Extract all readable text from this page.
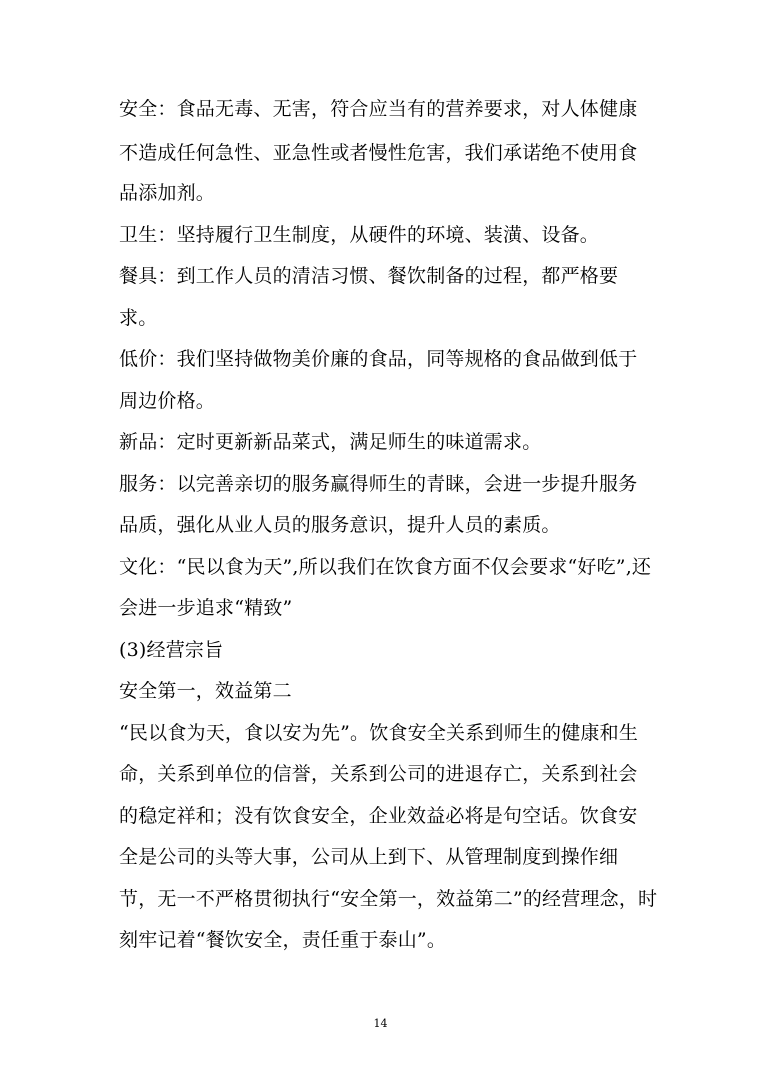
安全：食品无毒、无害，符合应当有的营养要求，对人体健康
不造成任何急性、亚急性或者慢性危害，我们承诺绝不使用食
品添加剂。
卫生：坚持履行卫生制度，从硬件的环境、装潢、设备。
餐具：到工作人员的清洁习惯、餐饮制备的过程，都严格要
求。
低价：我们坚持做物美价廉的食品，同等规格的食品做到低于
周边价格。
新品：定时更新新品菜式，满足师生的味道需求。
服务：以完善亲切的服务赢得师生的青睐，会进一步提升服务
品质，强化从业人员的服务意识，提升人员的素质。
文化：“民以食为天”,所以我们在饮食方面不仅会要求“好吃”,还
会进一步追求“精致”
(3)经营宗旨
安全第一，效益第二
“民以食为天，食以安为先”。饮食安全关系到师生的健康和生
命，关系到单位的信誉，关系到公司的进退存亡，关系到社会
的稳定祥和；没有饮食安全，企业效益必将是句空话。饮食安
全是公司的头等大事，公司从上到下、从管理制度到操作细
节，无一不严格贯彻执行“安全第一，效益第二”的经营理念，时
刻牢记着“餐饮安全，责任重于泰山”。
14
